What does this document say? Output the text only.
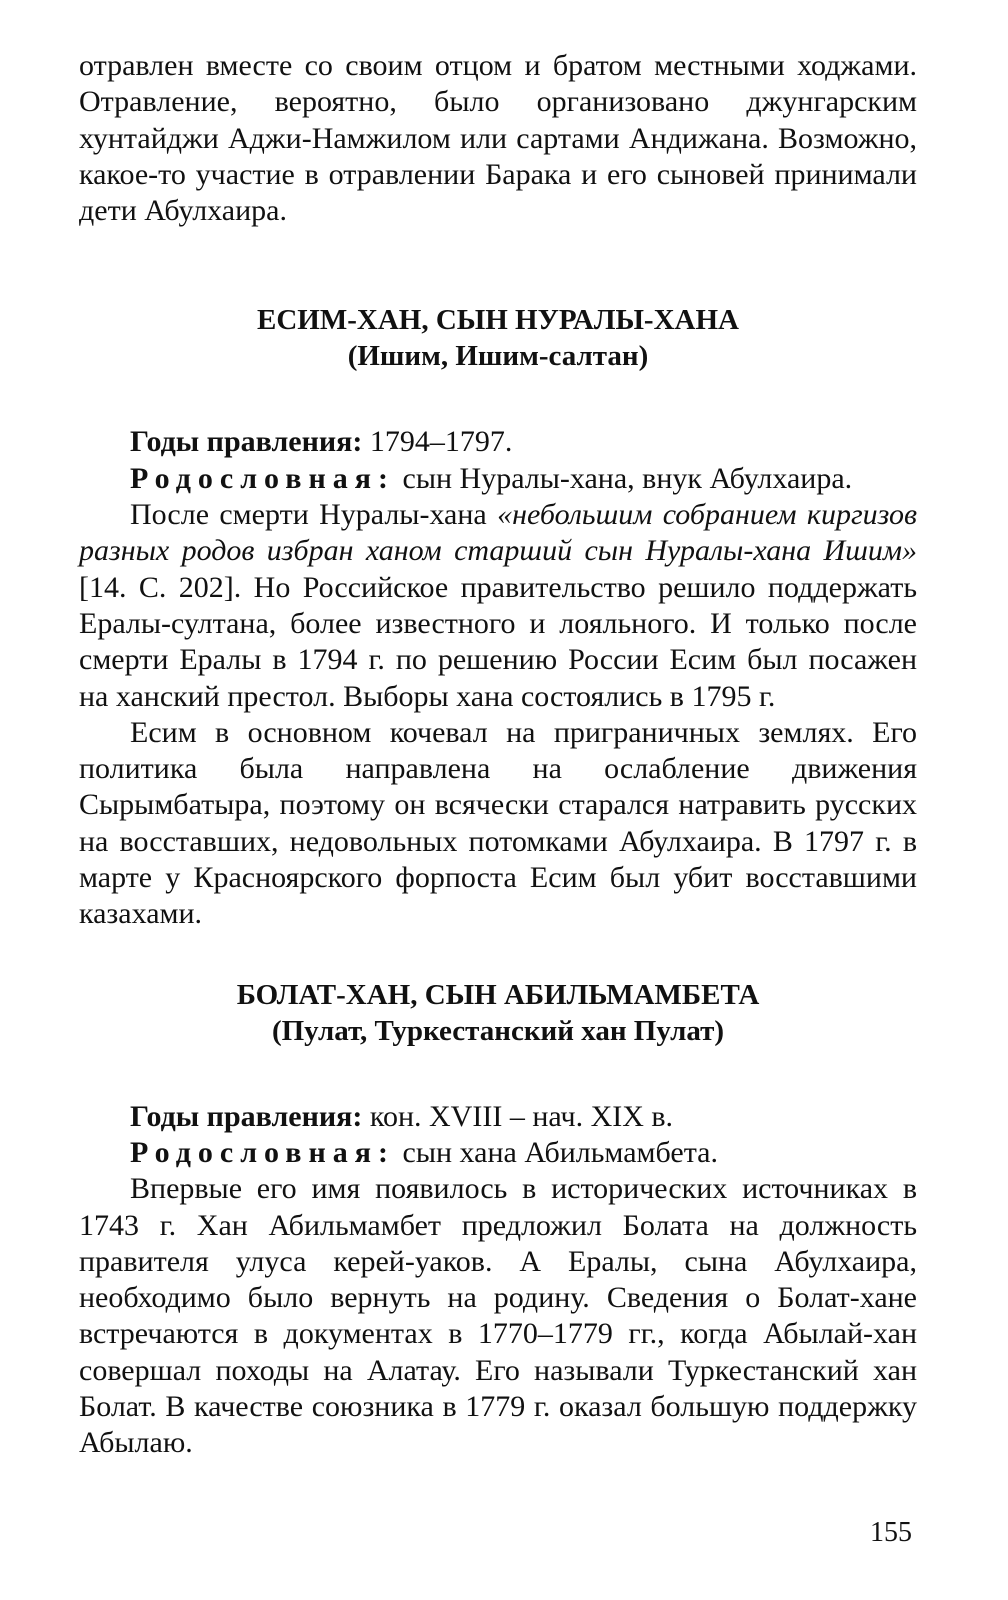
отравлен вместе со своим отцом и братом местными ходжами. Отравление, вероятно, было организовано джунгарским хунтайджи Аджи-Намжилом или сартами Андижана. Возможно, какое-то участие в отравлении Барака и его сыновей принимали дети Абулхаира.

ЕСИМ-ХАН, СЫН НУРАЛЫ-ХАНА
(Ишим, Ишим-салтан)

Годы правления: 1794–1797.

Родословная: сын Нуралы-хана, внук Абулхаира.

После смерти Нуралы-хана «небольшим собранием киргизов разных родов избран ханом старший сын Нуралы-хана Ишим» [14. С. 202]. Но Российское правительство решило поддержать Ералы-султана, более известного и лояльного. И только после смерти Ералы в 1794 г. по решению России Есим был посажен на ханский престол. Выборы хана состоялись в 1795 г.

Есим в основном кочевал на приграничных землях. Его политика была направлена на ослабление движения Сырымбатыра, поэтому он всячески старался натравить русских на восставших, недовольных потомками Абулхаира. В 1797 г. в марте у Красноярского форпоста Есим был убит восставшими казахами.

БОЛАТ-ХАН, СЫН АБИЛЬМАМБЕТА
(Пулат, Туркестанский хан Пулат)

Годы правления: кон. XVIII – нач. XIX в.

Родословная: сын хана Абильмамбета.

Впервые его имя появилось в исторических источниках в 1743 г. Хан Абильмамбет предложил Болата на должность правителя улуса керей-уаков. А Ералы, сына Абулхаира, необходимо было вернуть на родину. Сведения о Болат-хане встречаются в документах в 1770–1779 гг., когда Абылай-хан совершал походы на Алатау. Его называли Туркестанский хан Болат. В качестве союзника в 1779 г. оказал большую поддержку Абылаю.

155
